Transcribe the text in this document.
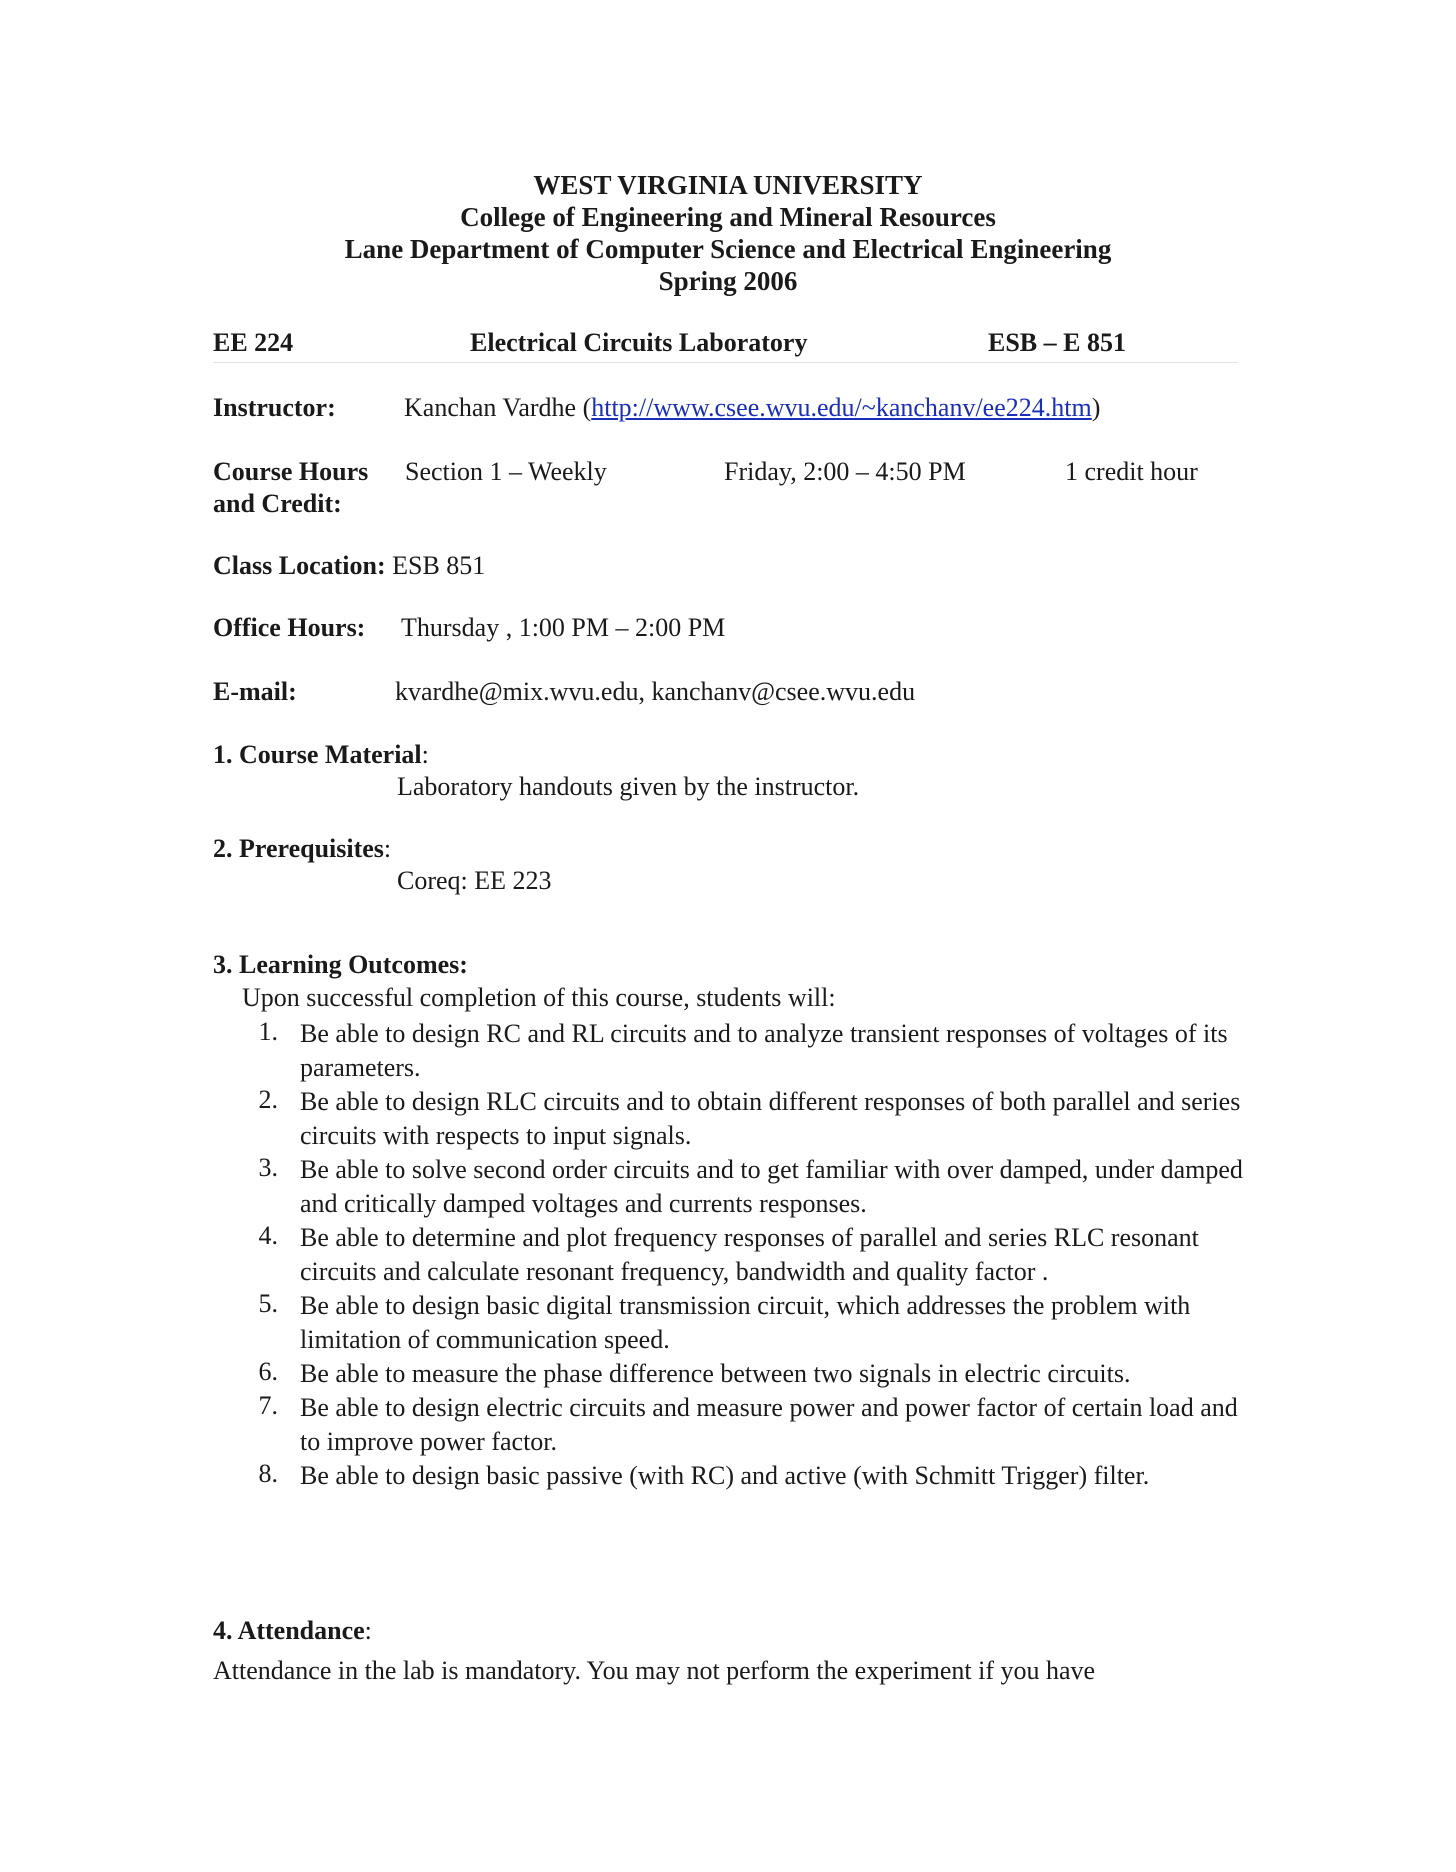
WEST VIRGINIA UNIVERSITY
College of Engineering and Mineral Resources
Lane Department of Computer Science and Electrical Engineering
Spring 2006
EE 224	Electrical Circuits Laboratory	ESB – E 851
Instructor:	Kanchan Vardhe (http://www.csee.wvu.edu/~kanchanv/ee224.htm)
Course Hours
and Credit:
Section 1 – Weekly	Friday, 2:00 – 4:50 PM	1 credit hour
Class Location: ESB 851
Office Hours: Thursday , 1:00 PM – 2:00 PM
E-mail:	kvardhe@mix.wvu.edu, kanchanv@csee.wvu.edu
1. Course Material:
Laboratory handouts given by the instructor.
2. Prerequisites:
Coreq: EE 223
3. Learning Outcomes:
Upon successful completion of this course, students will:
1. Be able to design RC and RL circuits and to analyze transient responses of voltages of its parameters.
2. Be able to design RLC circuits and to obtain different responses of both parallel and series circuits with respects to input signals.
3. Be able to solve second order circuits and to get familiar with over damped, under damped and critically damped voltages and currents responses.
4. Be able to determine and plot frequency responses of parallel and series RLC resonant circuits and calculate resonant frequency, bandwidth and quality factor .
5. Be able to design basic digital transmission circuit, which addresses the problem with limitation of communication speed.
6. Be able to measure the phase difference between two signals in electric circuits.
7. Be able to design electric circuits and measure power and power factor of certain load and to improve power factor.
8. Be able to design basic passive (with RC) and active (with Schmitt Trigger) filter.
4. Attendance:
Attendance in the lab is mandatory. You may not perform the experiment if you have
